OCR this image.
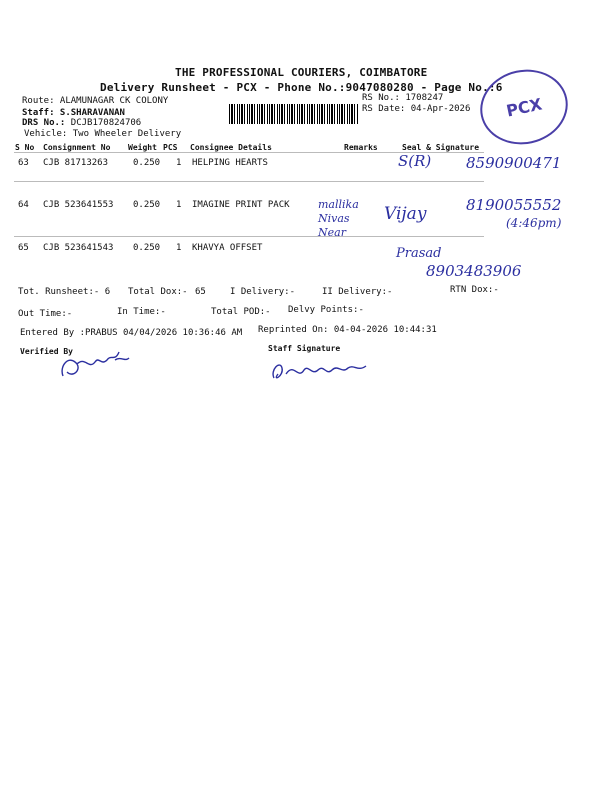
THE PROFESSIONAL COURIERS, COIMBATORE
Delivery Runsheet - PCX - Phone No.:9047080280 - Page No.:6
Route: ALAMUNAGAR CK COLONY
Staff: S.SHARAVANAN
DRS No.: DCJB170824706
Vehicle: Two Wheeler Delivery
RS No.: 1708247
RS Date: 04-Apr-2026 PCX
S No Consignment No Weight PCS Consignee Details	Remarks	Seal & Signature
63 CJB 81713263	0.250 1 HELPING HEARTS	S(R) 8590900471
64 CJB 523641553 0.250 1 IMAGINE PRINT PACK	mallika Nivas Near
Vijay	8190055552
(4:46pm)
65 CJB 523641543 0.250 1 KHAVYA OFFSET	Prasad
8903483906
Tot. Runsheet:- 6 Total Dox:- 65	I Delivery:-	II Delivery:-	RTN Dox:-
Out Time:-	In Time:-	Total POD:- Delvy Points:-
Entered By :PRABUS 04/04/2026 10:36:46 AM Reprinted On: 04-04-2026 10:44:31
Verified By	Staff Signature
